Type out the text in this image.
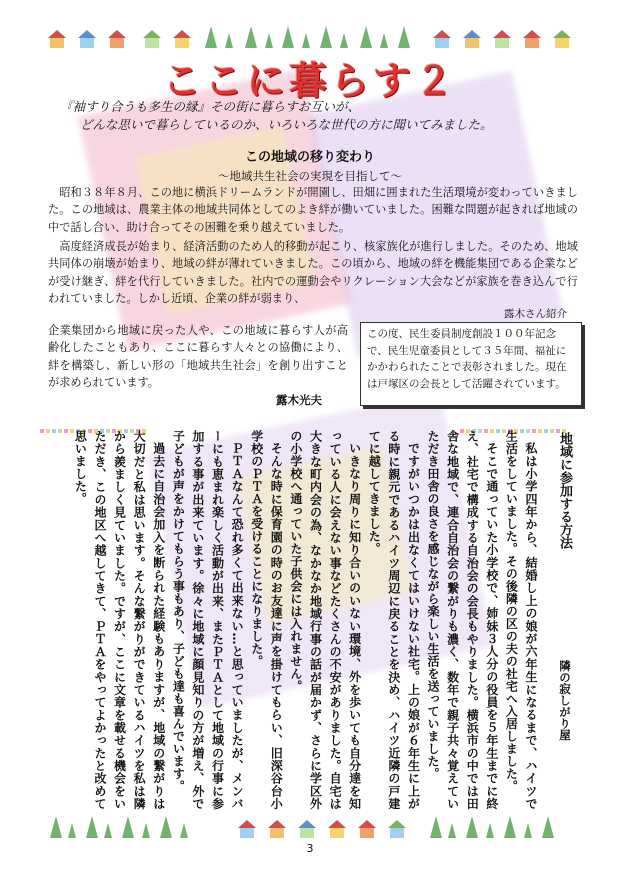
ここに暮らす２
『袖すり合うも多生の縁』その街に暮らすお互いが、
どんな思いで暮らしているのか、いろいろな世代の方に聞いてみました。
この地域の移り変わり
～地域共生社会の実現を目指して～
昭和３８年８月、この地に横浜ドリームランドが開園し、田畑に囲まれた生活環境が変わっていきました。この地域は、農業主体の地域共同体としてのよき絆が働いていました。困難な問題が起きれば地域の中で話し合い、助け合ってその困難を乗り越えていました。
高度経済成長が始まり、経済活動のため人的移動が起こり、核家族化が進行しました。そのため、地域共同体の崩壊が始まり、地域の絆が薄れていきました。この頃から、地域の絆を機能集団である企業などが受け継ぎ、絆を代行していきました。社内での運動会やリクレーション大会などが家族を巻き込んで行われていました。しかし近頃、企業の絆が弱まり、
企業集団から地域に戻った人や、この地域に暮らす人が高齢化したこともあり、ここに暮らす人々との協働により、絆を構築し、新しい形の「地域共生社会」を創り出すことが求められています。
露木さん紹介
この度、民生委員制度創設１００年記念で、民生児童委員として３５年間、福祉にかかわられたことで表彰されました。現在は戸塚区の会長として活躍されています。
露木光夫
地域に参加する方法
隣の寂しがり屋

私は小学四年から、結婚し上の娘が六年生になるまで、ハイツで生活をしていました。その後隣の区の夫の社宅へ入居しました。

そこで通っていた小学校で、姉妹３人分の役員を５年生までに終え、社宅で構成する自治会の会長もやりました。横浜市の中では田舎な地域で、連合自治会の繋がりも濃く、数年で親子共々覚えていただき田舎の良さを感じながら楽しい生活を送っていました。

ですがいつかは出なくてはいけない社宅。上の娘が６年生に上がる時に親元であるハイツ周辺に戻ることを決め、ハイツ近隣の戸建てに越してきました。

いきなり周りに知り合いのいない環境、外を歩いても自分達を知っている人に会えない事などたくさんの不安がありました。自宅は大きな町内会の為、なかなか地域行事の話が届かず、さらに学区外の小学校へ通っていた子供会には入れません。

そんな時に保育園の時のお友達に声を掛けてもらい、旧深谷台小学校のＰＴＡを受けることになりました。

ＰＴＡなんて恐れ多くて出来ない…と思っていましたが、メンバーにも恵まれ楽しく活動が出来、またＰＴＡとして地域の行事に参加する事が出来ています。徐々に地域に顔見知りの方が増え、外で子どもが声をかけてもらう事もあり、子ども達も喜んでいます。

過去に自治会加入を断られた経験もありますが、地域の繋がりは大切だと私は思います。そんな繋がりができているハイツを私は隣から羨ましく見ていました。ですが、ここに文章を載せる機会をいただき、この地区へ越してきて、ＰＴＡをやってよかったと改めて思いました。

3
